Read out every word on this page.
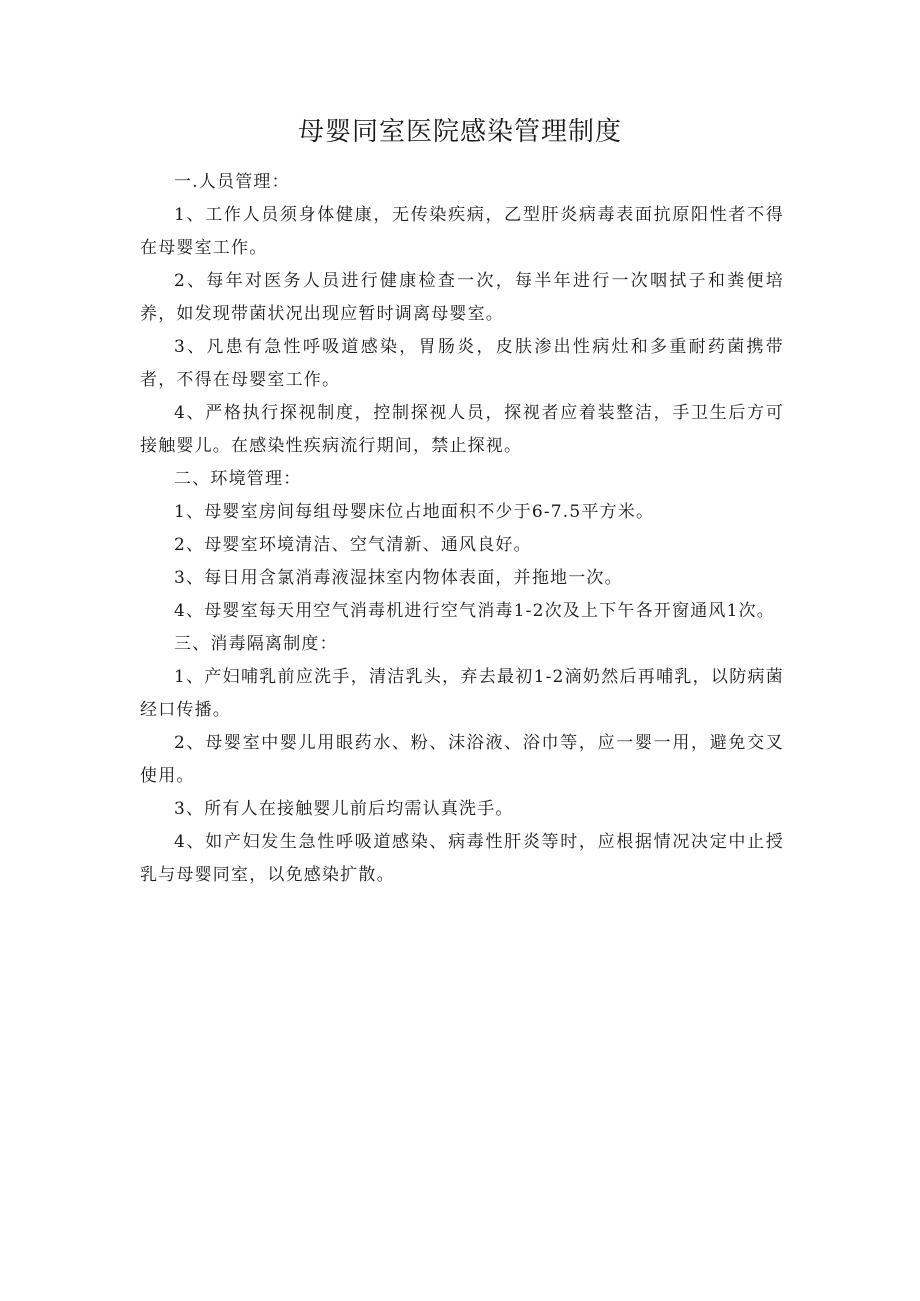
母婴同室医院感染管理制度

一.人员管理：

1、工作人员须身体健康，无传染疾病，乙型肝炎病毒表面抗原阳性者不得在母婴室工作。

2、每年对医务人员进行健康检查一次，每半年进行一次咽拭子和粪便培养，如发现带菌状况出现应暂时调离母婴室。

3、凡患有急性呼吸道感染，胃肠炎，皮肤渗出性病灶和多重耐药菌携带者，不得在母婴室工作。

4、严格执行探视制度，控制探视人员，探视者应着装整洁，手卫生后方可接触婴儿。在感染性疾病流行期间，禁止探视。

二、环境管理：

1、母婴室房间每组母婴床位占地面积不少于6-7.5平方米。

2、母婴室环境清洁、空气清新、通风良好。

3、每日用含氯消毒液湿抹室内物体表面，并拖地一次。

4、母婴室每天用空气消毒机进行空气消毒1-2次及上下午各开窗通风1次。

三、消毒隔离制度：

1、产妇哺乳前应洗手，清洁乳头，弃去最初1-2滴奶然后再哺乳，以防病菌经口传播。

2、母婴室中婴儿用眼药水、粉、沫浴液、浴巾等，应一婴一用，避免交叉使用。

3、所有人在接触婴儿前后均需认真洗手。

4、如产妇发生急性呼吸道感染、病毒性肝炎等时，应根据情况决定中止授乳与母婴同室，以免感染扩散。
